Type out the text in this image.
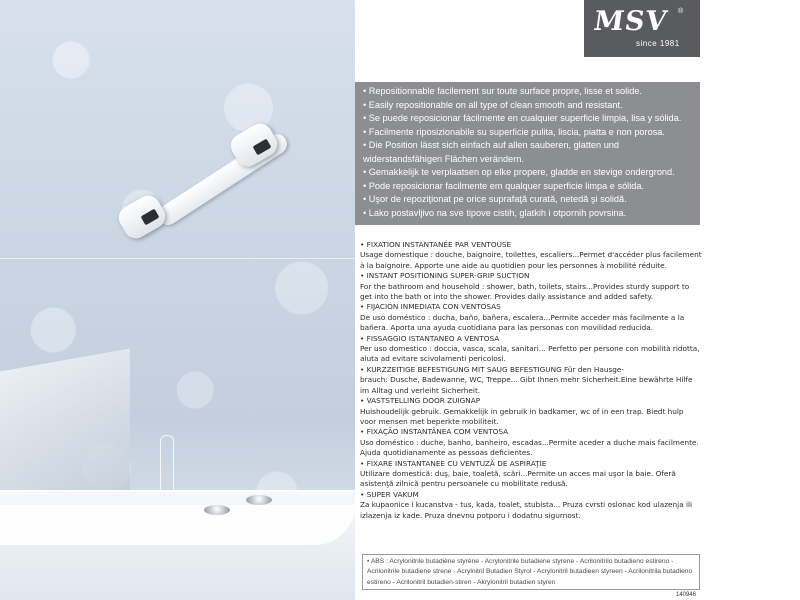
MSV ®
since 1981
• Repositionnable facilement sur toute surface propre, lisse et solide.
• Easily repositionable on all type of clean smooth and resistant.
• Se puede reposicionar fácilmente en cualquier superficie limpia, lisa y sólida.
• Facilmente riposizionabile su superficie pulita, liscia, piatta e non porosa.
• Die Position lässt sich einfach auf allen sauberen, glatten und widerstandsfähigen Flächen verändern.
• Gemakkelijk te verplaatsen op elke propere, gladde en stevige ondergrond.
• Pode reposicionar facilmente em qualquer superficie limpa e sólida.
• Uşor de repoziţionat pe orice suprafaţă curată, netedă şi solidă.
• Lako postavljivo na sve tipove cistih, glatkih i otpornih povrsina.

• FIXATION INSTANTANÉE PAR VENTOUSE

Usage domestique : douche, baignoire, toilettes, escaliers...Permet d'accéder plus facilement à la baignoire. Apporte une aide au quotidien pour les personnes à mobilité réduite.

• INSTANT POSITIONING SUPER-GRIP SUCTION

For the bathroom and household : shower, bath, toilets, stairs...Provides sturdy support to get into the bath or into the shower. Provides daily assistance and added safety.

• FIJACIÓN INMEDIATA CON VENTOSAS

De uso doméstico : ducha, baño, bañera, escalera...Permite acceder más facilmente a la bañera. Aporta una ayuda cuotidiana para las personas con movilidad reducida.

• FISSAGGIO ISTANTANEO A VENTOSA

Per uso domestico : doccia, vasca, scala, sanitari... Perfetto per persone con mobilità ridotta, aiuta ad evitare scivolamenti pericolosi.

• KURZZEITIGE BEFESTIGUNG MIT SAUG BEFESTIGUNG Für den Hausge-

brauch: Dusche, Badewanne, WC, Treppe... Gibt Ihnen mehr Sicherheit.Eine bewährte Hilfe im Alltag und verleiht Sicherheit.

• VASTSTELLING DOOR ZUIGNAP

Huishoudelijk gebruik. Gemakkelijk in gebruik in badkamer, wc of in een trap. Biedt hulp voor mensen met beperkte mobiliteit.

• FIXAÇÃO INSTANTÂNEA COM VENTOSA

Uso doméstico : duche, banho, banheiro, escadas...Permite aceder a duche mais facilmente. Ajuda quotidianamente as pessoas deficientes.

• FIXARE INSTANTANEE CU VENTUZĂ DE ASPIRAŢIE

Utilizare domestică: duş, baie, toaletă, scări...Permite un acces mai uşor la baie. Oferă asistenţă zilnică pentru persoanele cu mobilitate redusă.

• SUPER VAKUM

Za kupaonice i kucanstva - tus, kada, toalet, stubista... Pruza cvrsti oslonac kod ulazenja ili izlazenja iz kade. Pruza dnevnu potporu i dodatnu sigurnost.

• ABS : Acrylonitrile butadiène styrène - Acrylonitrile butadiene styrene - Acrilonitrilo butadieno estireno - Acrilonitrile butadiene strene - Acrylnitril Butadien Styrol - Acrylonitril butadieen styreen - Acrilonitrila butadieno estireno - Acrilonitril butadien-stiren - Akrylonitril butadien styren
140946
